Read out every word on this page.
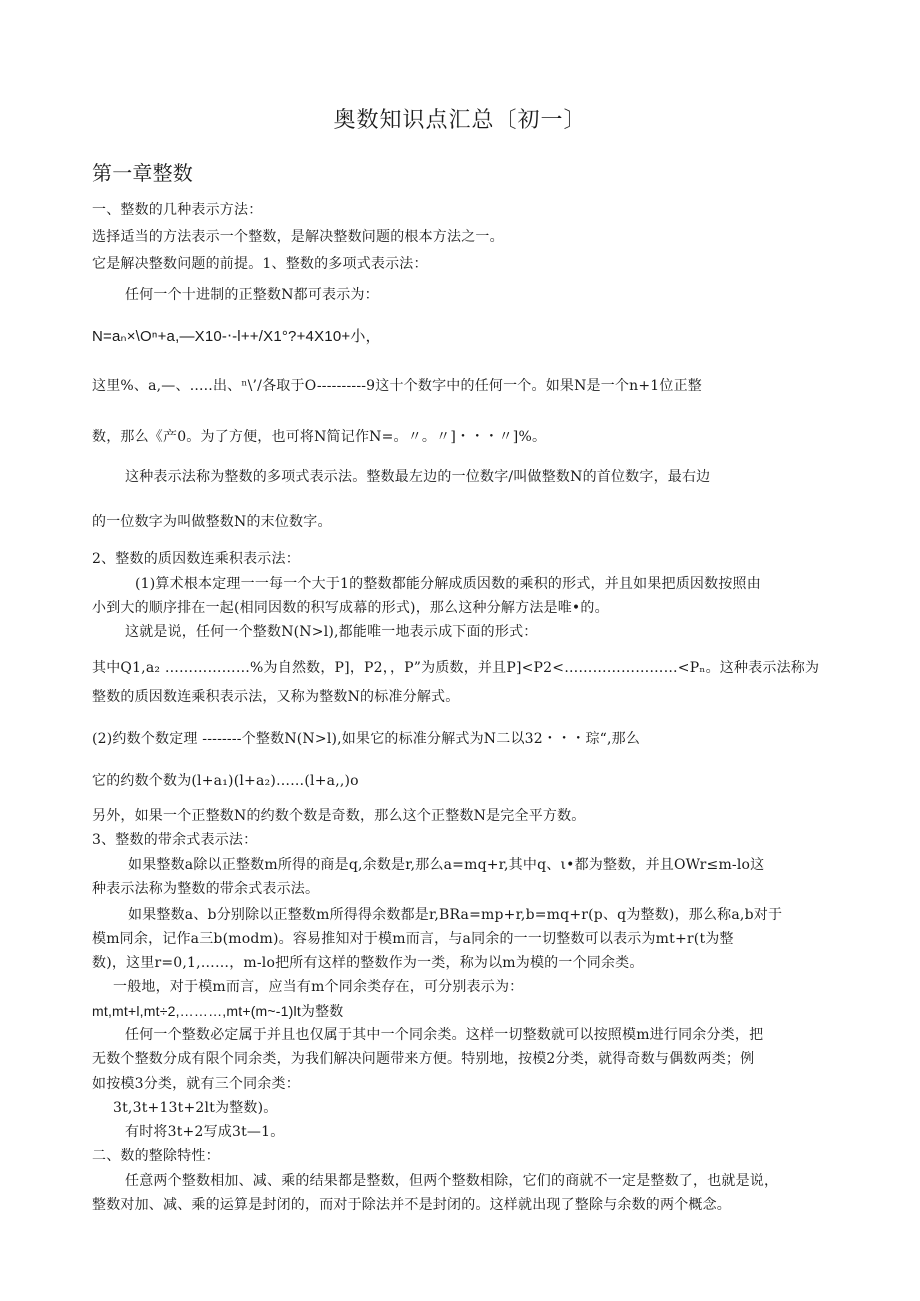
奥数知识点汇总〔初一〕
第一章整数
一、整数的几种表示方法：
选择适当的方法表示一个整数，是解决整数问题的根本方法之一。
它是解决整数问题的前提。1、整数的多项式表示法：
任何一个十进制的正整数N都可表示为：
N=aₙ×\Oⁿ+a,—X10-‧-l++/X1°?+4X10+小，
这里%、a,—、.....出、ⁿ\’/各取于O----------9这十个数字中的任何一个。如果N是一个n+1位正整
数，那么《产0。为了方便，也可将N简记作N=。〃。〃]・・・〃]%。
这种表示法称为整数的多项式表示法。整数最左边的一位数字/叫做整数N的首位数字，最右边
的一位数字为叫做整数N的末位数字。
2、整数的质因数连乘积表示法：
(1)算术根本定理一一每一个大于1的整数都能分解成质因数的乘积的形式，并且如果把质因数按照由
小到大的顺序排在一起(相同因数的积写成幕的形式)，那么这种分解方法是唯•的。
这就是说，任何一个整数N(N>l),都能唯一地表示成下面的形式：
其中Q1,a₂ ………………%为自然数，P]，P2，，P”为质数，并且P]<P2<……………………<Pₙ。这种表示法称为
整数的质因数连乘积表示法，又称为整数N的标准分解式。
(2)约数个数定理 --------个整数N(N>l),如果它的标准分解式为N二以32・・・琮“,那么
它的约数个数为(l+a₁)(l+a₂)……(l+a,,)o
另外，如果一个正整数N的约数个数是奇数，那么这个正整数N是完全平方数。
3、整数的带余式表示法：
如果整数a除以正整数m所得的商是q,余数是r,那么a=mq+r,其中q、ι•都为整数，并且OWr≤m-lo这
种表示法称为整数的带余式表示法。
如果整数a、b分别除以正整数m所得得余数都是r,BRa=mp+r,b=mq+r(p、q为整数)，那么称a,b对于
模m同余，记作a三b(modm)。容易推知对于模m而言，与a同余的一一切整数可以表示为mt+r(t为整
数)，这里r=0,1,……，m-lo把所有这样的整数作为一类，称为以m为模的一个同余类。
一般地，对于模m而言，应当有m个同余类存在，可分别表示为：
mt,mt+l,mt÷2,………,mt+(m~-1)lt为整数
任何一个整数必定属于并且也仅属于其中一个同余类。这样一切整数就可以按照模m进行同余分类，把
无数个整数分成有限个同余类，为我们解决问题带来方便。特别地，按模2分类，就得奇数与偶数两类；例
如按模3分类，就有三个同余类：
3t,3t+13t+2lt为整数)。
有时将3t+2写成3t—1。
二、数的整除特性：
任意两个整数相加、减、乘的结果都是整数，但两个整数相除，它们的商就不一定是整数了，也就是说，
整数对加、减、乘的运算是封闭的，而对于除法并不是封闭的。这样就出现了整除与余数的两个概念。
